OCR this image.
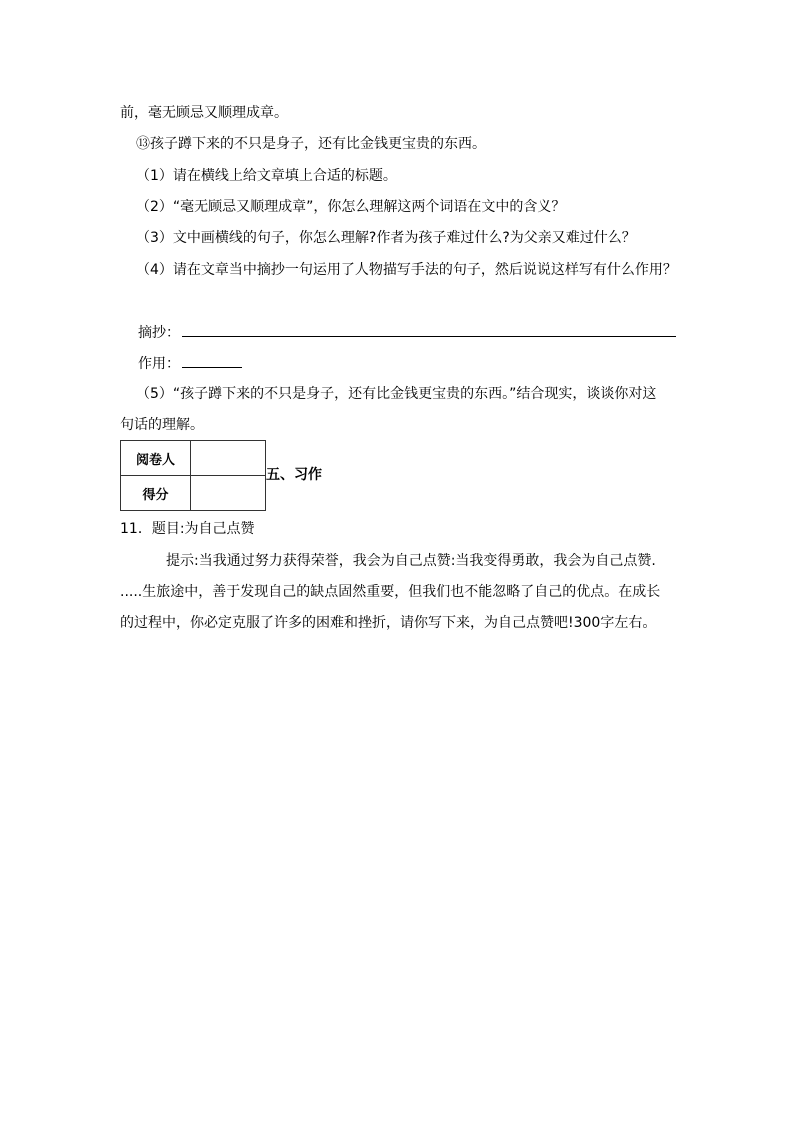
前，毫无顾忌又顺理成章。
⑬孩子蹲下来的不只是身子，还有比金钱更宝贵的东西。
（1）请在横线上给文章填上合适的标题。
（2）“毫无顾忌又顺理成章”，你怎么理解这两个词语在文中的含义？
（3）文中画横线的句子，你怎么理解?作者为孩子难过什么?为父亲又难过什么？
（4）请在文章当中摘抄一句运用了人物描写手法的句子，然后说说这样写有什么作用？
摘抄：
作用：
（5）“孩子蹲下来的不只是身子，还有比金钱更宝贵的东西。”结合现实，谈谈你对这
句话的理解。
阅卷人	
得分	
五、习作
11．题目:为自己点赞
提示:当我通过努力获得荣誉，我会为自己点赞:当我变得勇敢，我会为自己点赞.
.....生旅途中，善于发现自己的缺点固然重要，但我们也不能忽略了自己的优点。在成长
的过程中，你必定克服了许多的困难和挫折，请你写下来，为自己点赞吧!300字左右。
